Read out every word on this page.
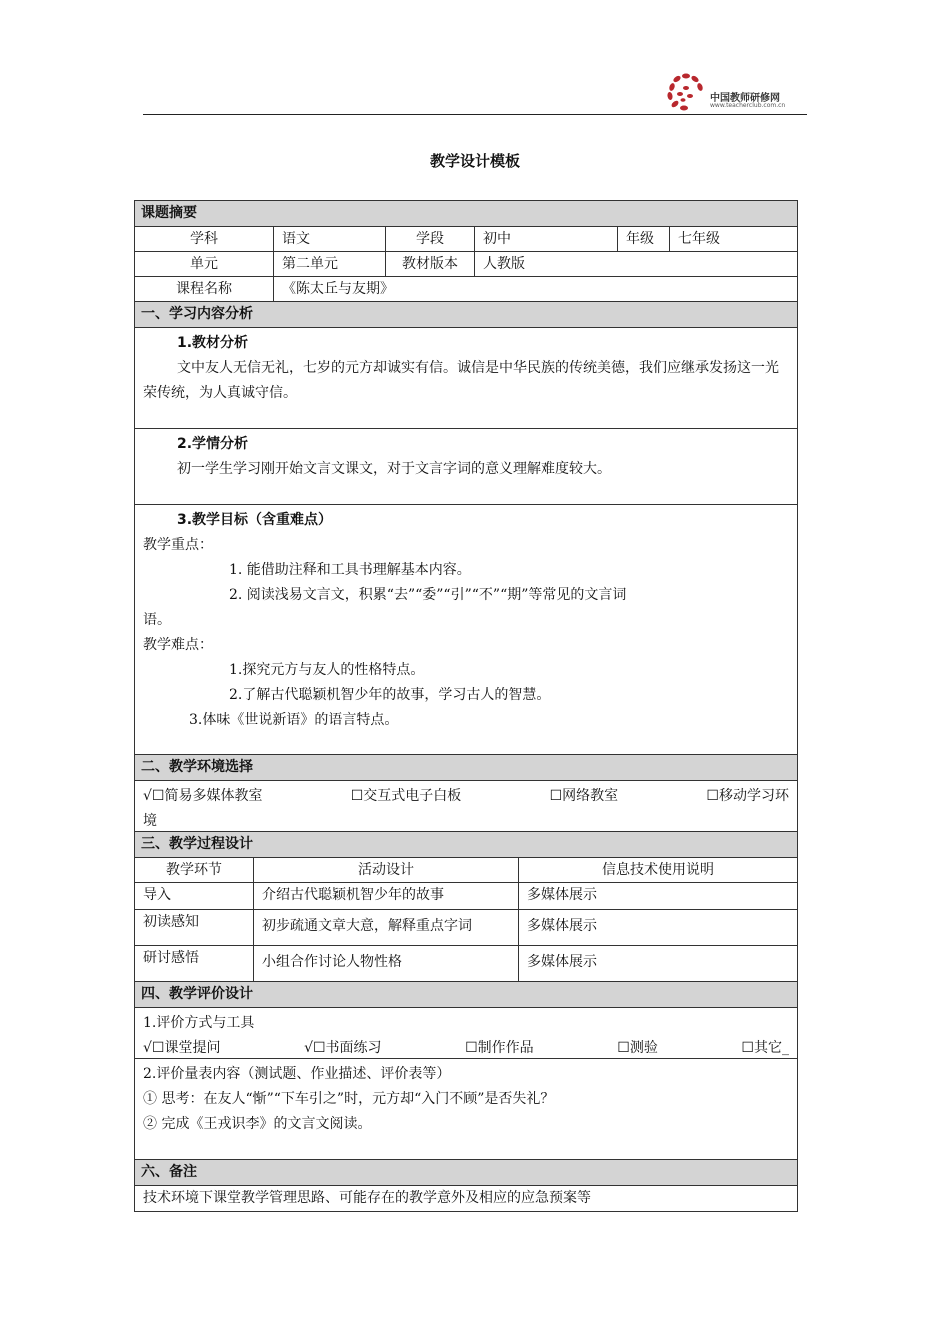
中国教师研修网
www.teacherclub.com.cn
教学设计模板
课题摘要
学科	语文	学段	初中	年级	七年级
单元	第二单元	教材版本	人教版
课程名称	《陈太丘与友期》
一、学习内容分析
1.教材分析
文中友人无信无礼，七岁的元方却诚实有信。诚信是中华民族的传统美德，我们应继承发扬这一光荣传统，为人真诚守信。
2.学情分析
初一学生学习刚开始文言文课文，对于文言字词的意义理解难度较大。
3.教学目标（含重难点）
教学重点：
1. 能借助注释和工具书理解基本内容。
2. 阅读浅易文言文，积累“去”“委”“引”“不”“期”等常见的文言词
语。
教学难点：
1.探究元方与友人的性格特点。
2.了解古代聪颖机智少年的故事，学习古人的智慧。
3.体味《世说新语》的语言特点。
二、教学环境选择
√☐简易多媒体教室	☐交互式电子白板	☐网络教室	☐移动学习环
境
三、教学过程设计
教学环节	活动设计	信息技术使用说明
导入	介绍古代聪颖机智少年的故事	多媒体展示
初读感知	初步疏通文章大意，解释重点字词	多媒体展示
研讨感悟	小组合作讨论人物性格	多媒体展示
四、教学评价设计
1.评价方式与工具
√☐课堂提问	√☐书面练习	☐制作作品	☐测验	☐其它_
2.评价量表内容（测试题、作业描述、评价表等）
① 思考：在友人“惭”“下车引之”时，元方却“入门不顾”是否失礼？
② 完成《王戎识李》的文言文阅读。
六、备注
技术环境下课堂教学管理思路、可能存在的教学意外及相应的应急预案等
